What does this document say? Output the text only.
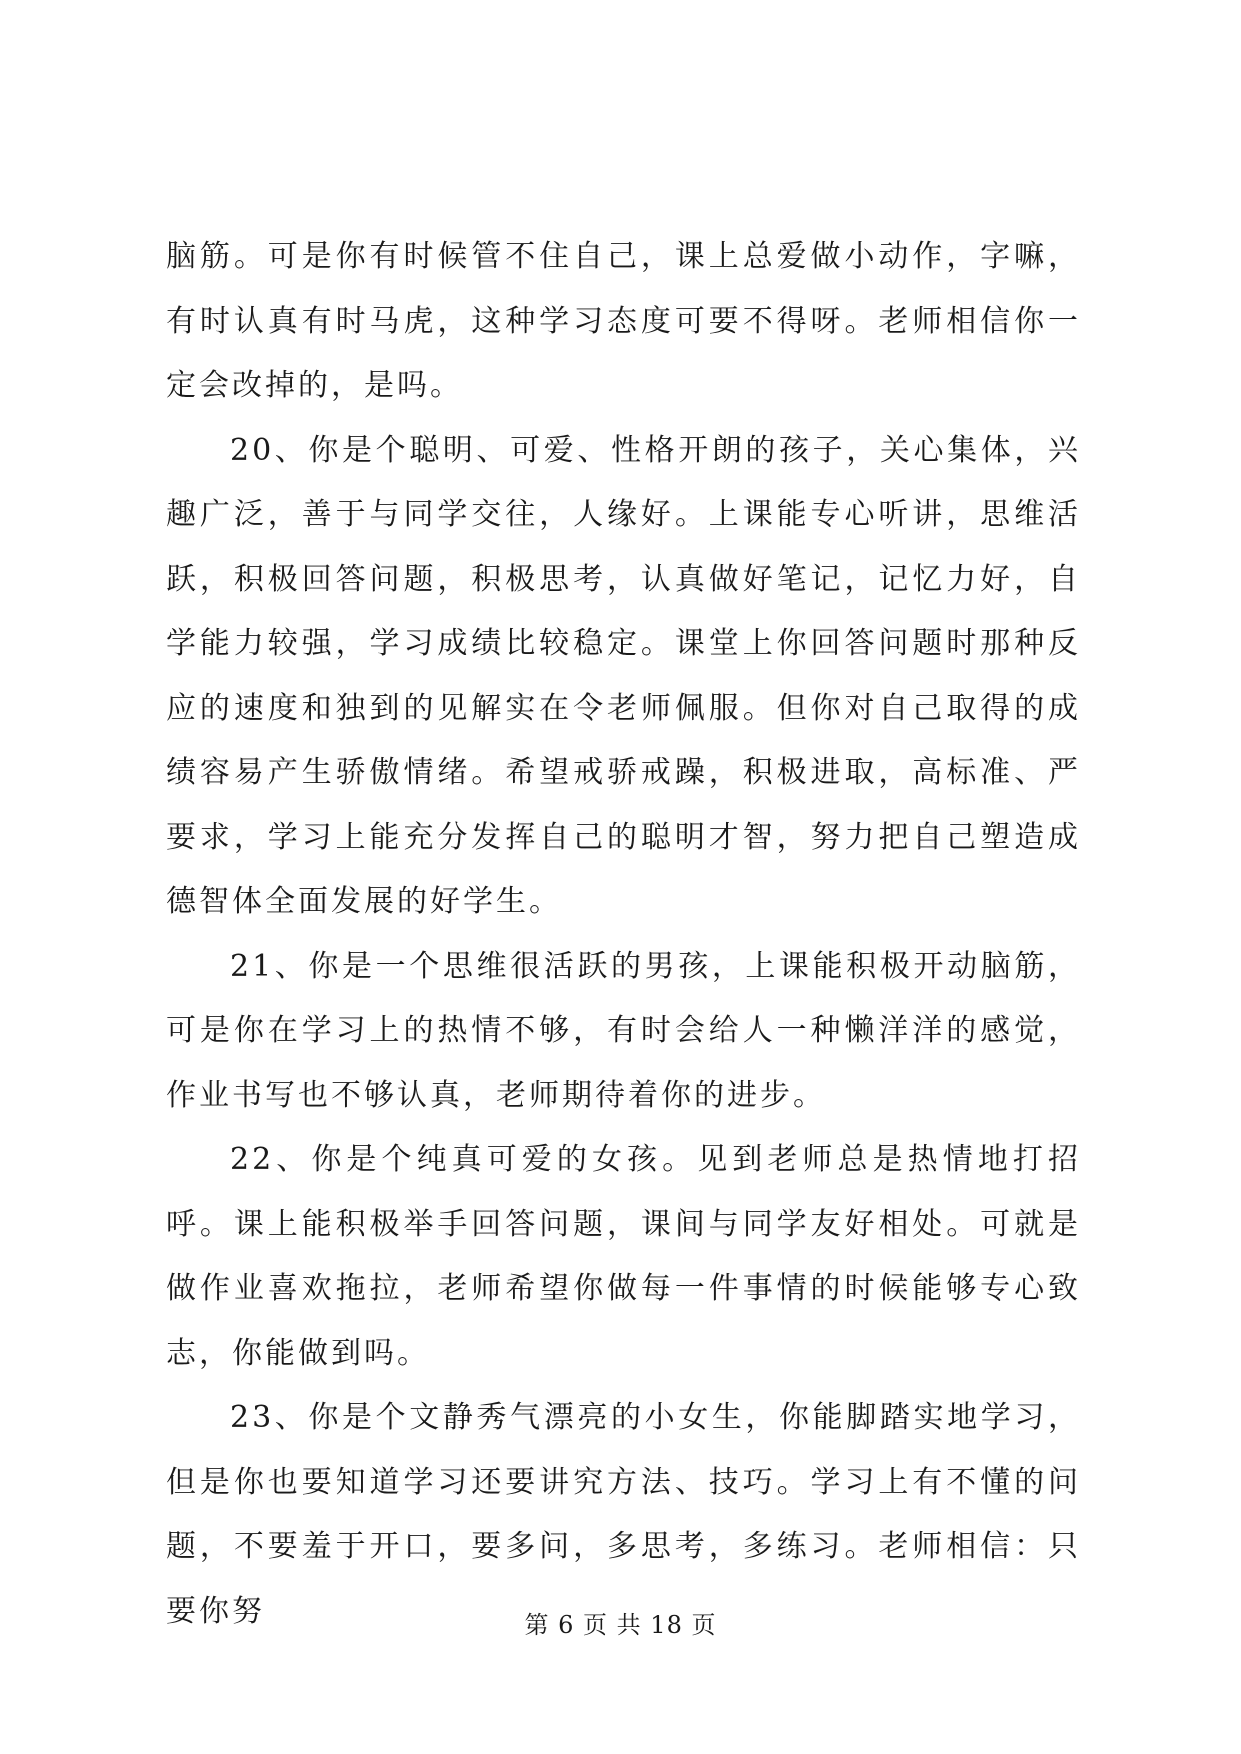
脑筋。可是你有时候管不住自己，课上总爱做小动作，字嘛，有时认真有时马虎，这种学习态度可要不得呀。老师相信你一定会改掉的，是吗。

20、你是个聪明、可爱、性格开朗的孩子，关心集体，兴趣广泛，善于与同学交往，人缘好。上课能专心听讲，思维活跃，积极回答问题，积极思考，认真做好笔记，记忆力好，自学能力较强，学习成绩比较稳定。课堂上你回答问题时那种反应的速度和独到的见解实在令老师佩服。但你对自己取得的成绩容易产生骄傲情绪。希望戒骄戒躁，积极进取，高标准、严要求，学习上能充分发挥自己的聪明才智，努力把自己塑造成德智体全面发展的好学生。

21、你是一个思维很活跃的男孩，上课能积极开动脑筋，可是你在学习上的热情不够，有时会给人一种懒洋洋的感觉，作业书写也不够认真，老师期待着你的进步。

22、你是个纯真可爱的女孩。见到老师总是热情地打招呼。课上能积极举手回答问题，课间与同学友好相处。可就是做作业喜欢拖拉，老师希望你做每一件事情的时候能够专心致志，你能做到吗。

23、你是个文静秀气漂亮的小女生，你能脚踏实地学习，但是你也要知道学习还要讲究方法、技巧。学习上有不懂的问题，不要羞于开口，要多问，多思考，多练习。老师相信：只要你努	第 6 页 共 18 页
